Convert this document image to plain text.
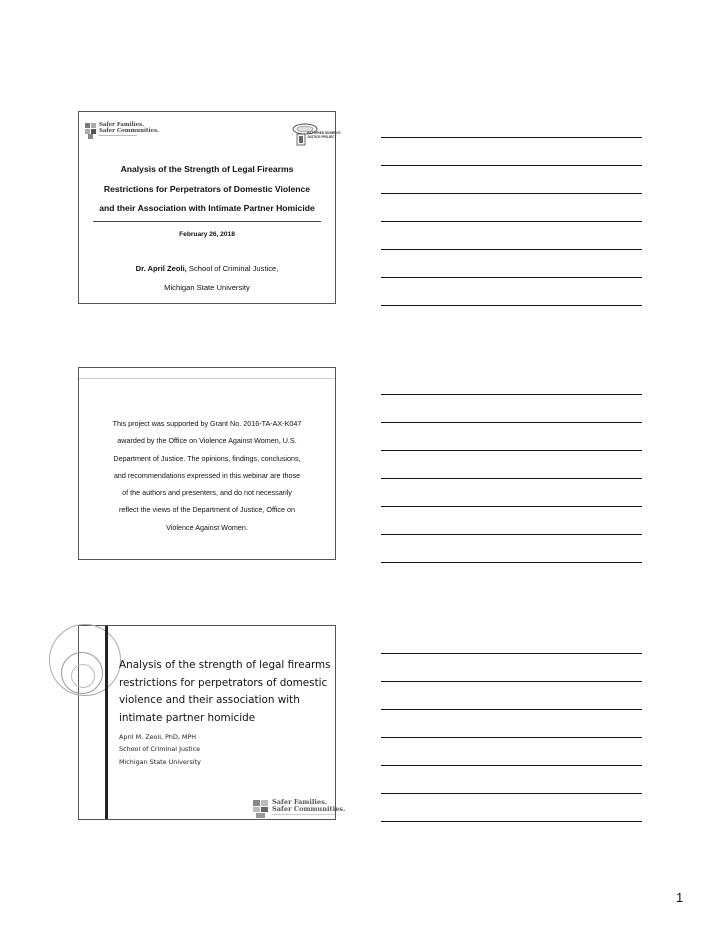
Safer Families.
Safer Communities.	BATTERED WOMEN'S
JUSTICE PROJECT
Analysis of the Strength of Legal Firearms
Restrictions for Perpetrators of Domestic Violence
and their Association with Intimate Partner Homicide
February 26, 2018
Dr. April Zeoli, School of Criminal Justice,
Michigan State University
This project was supported by Grant No. 2016-TA-AX-K047
awarded by the Office on Violence Against Women, U.S.
Department of Justice. The opinions, findings, conclusions,
and recommendations expressed in this webinar are those
of the authors and presenters, and do not necessarily
reflect the views of the Department of Justice, Office on
Violence Against Women.
Analysis of the strength of legal firearms
restrictions for perpetrators of domestic
violence and their association with
intimate partner homicide
April M. Zeoli, PhD, MPH
School of Criminal Justice
Michigan State University
Safer Families.
Safer Communities.
1
